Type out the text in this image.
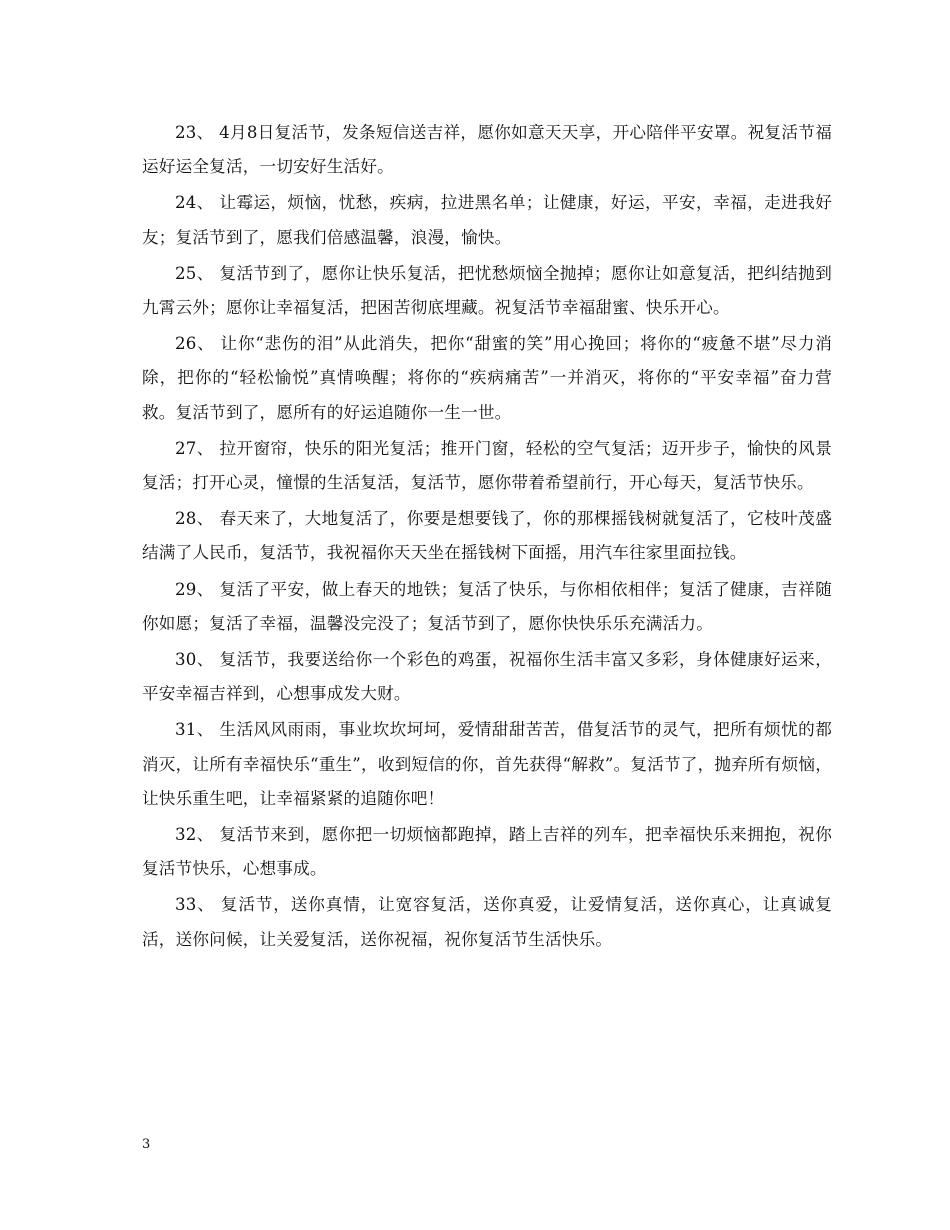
23、 4月8日复活节，发条短信送吉祥，愿你如意天天享，开心陪伴平安罩。祝复活节福运好运全复活，一切安好生活好。

24、 让霉运，烦恼，忧愁，疾病，拉进黑名单；让健康，好运，平安，幸福，走进我好友；复活节到了，愿我们倍感温馨，浪漫，愉快。

25、 复活节到了，愿你让快乐复活，把忧愁烦恼全抛掉；愿你让如意复活，把纠结抛到九霄云外；愿你让幸福复活，把困苦彻底埋藏。祝复活节幸福甜蜜、快乐开心。

26、 让你“悲伤的泪”从此消失，把你“甜蜜的笑”用心挽回；将你的“疲惫不堪”尽力消除，把你的“轻松愉悦”真情唤醒；将你的“疾病痛苦”一并消灭，将你的“平安幸福”奋力营救。复活节到了，愿所有的好运追随你一生一世。

27、 拉开窗帘，快乐的阳光复活；推开门窗，轻松的空气复活；迈开步子，愉快的风景复活；打开心灵，憧憬的生活复活，复活节，愿你带着希望前行，开心每天，复活节快乐。

28、 春天来了，大地复活了，你要是想要钱了，你的那棵摇钱树就复活了，它枝叶茂盛结满了人民币，复活节，我祝福你天天坐在摇钱树下面摇，用汽车往家里面拉钱。

29、 复活了平安，做上春天的地铁；复活了快乐，与你相依相伴；复活了健康，吉祥随你如愿；复活了幸福，温馨没完没了；复活节到了，愿你快快乐乐充满活力。

30、 复活节，我要送给你一个彩色的鸡蛋，祝福你生活丰富又多彩，身体健康好运来，平安幸福吉祥到，心想事成发大财。

31、 生活风风雨雨，事业坎坎坷坷，爱情甜甜苦苦，借复活节的灵气，把所有烦忧的都消灭，让所有幸福快乐“重生”，收到短信的你，首先获得“解救”。复活节了，抛弃所有烦恼，让快乐重生吧，让幸福紧紧的追随你吧！

32、 复活节来到，愿你把一切烦恼都跑掉，踏上吉祥的列车，把幸福快乐来拥抱，祝你复活节快乐，心想事成。

33、 复活节，送你真情，让宽容复活，送你真爱，让爱情复活，送你真心，让真诚复活，送你问候，让关爱复活，送你祝福，祝你复活节生活快乐。

3
